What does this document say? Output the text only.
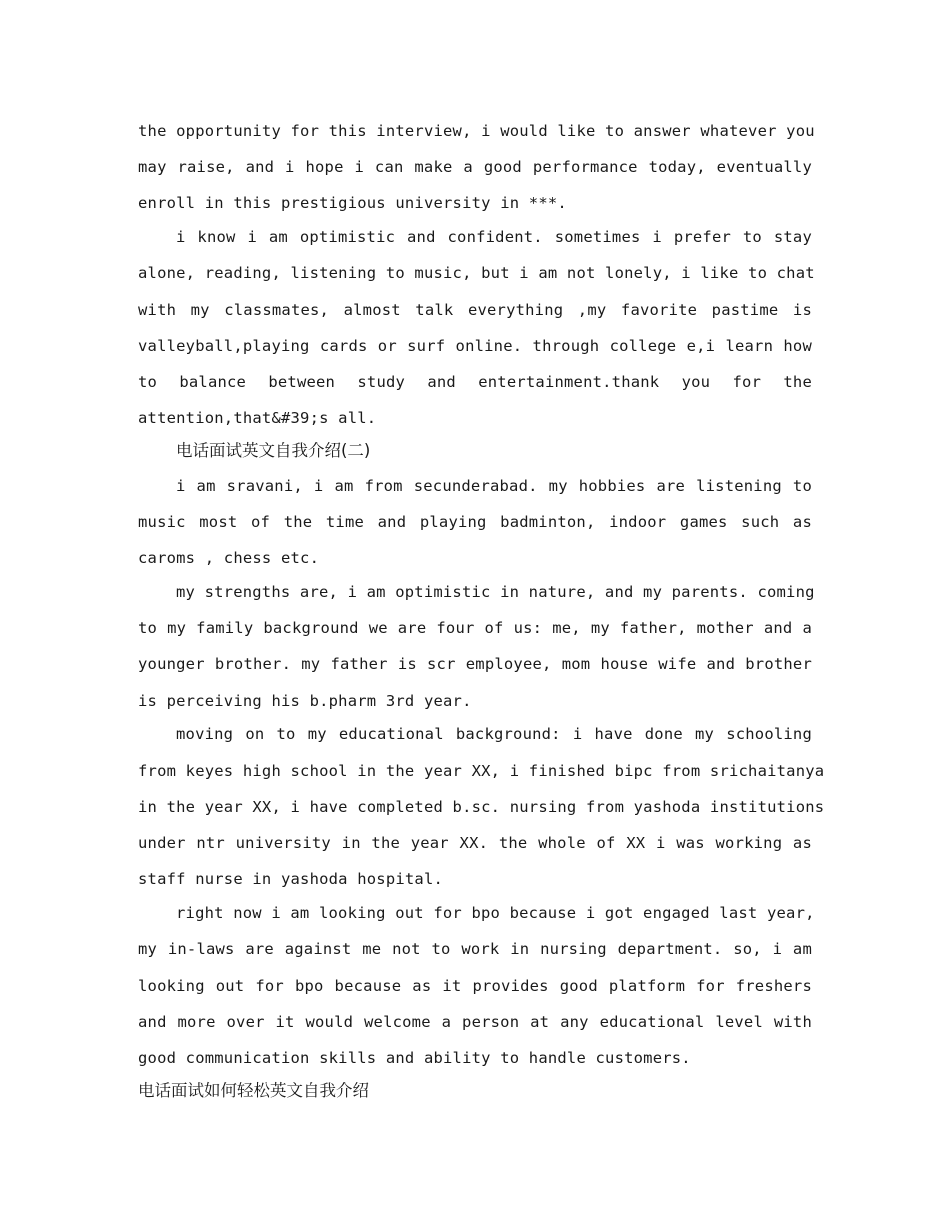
the opportunity for this interview, i would like to answer whatever you
may raise, and i hope i can make a good performance today, eventually
enroll in this prestigious university in ***.
i know i am optimistic and confident. sometimes i prefer to stay
alone, reading, listening to music, but i am not lonely, i like to chat
with my classmates, almost talk everything ,my favorite pastime is
valleyball,playing cards or surf online. through college e,i learn how
to balance between study and entertainment.thank you for the
attention,that&#39;s all.
电话面试英文自我介绍(二)
i am sravani, i am from secunderabad. my hobbies are listening to
music most of the time and playing badminton, indoor games such as
caroms , chess etc.
my strengths are, i am optimistic in nature, and my parents. coming
to my family background we are four of us: me, my father, mother and a
younger brother. my father is scr employee, mom house wife and brother
is perceiving his b.pharm 3rd year.
moving on to my educational background: i have done my schooling
from keyes high school in the year XX, i finished bipc from srichaitanya
in the year XX, i have completed b.sc. nursing from yashoda institutions
under ntr university in the year XX. the whole of XX i was working as
staff nurse in yashoda hospital.
right now i am looking out for bpo because i got engaged last year,
my in-laws are against me not to work in nursing department. so, i am
looking out for bpo because as it provides good platform for freshers
and more over it would welcome a person at any educational level with
good communication skills and ability to handle customers.
电话面试如何轻松英文自我介绍
